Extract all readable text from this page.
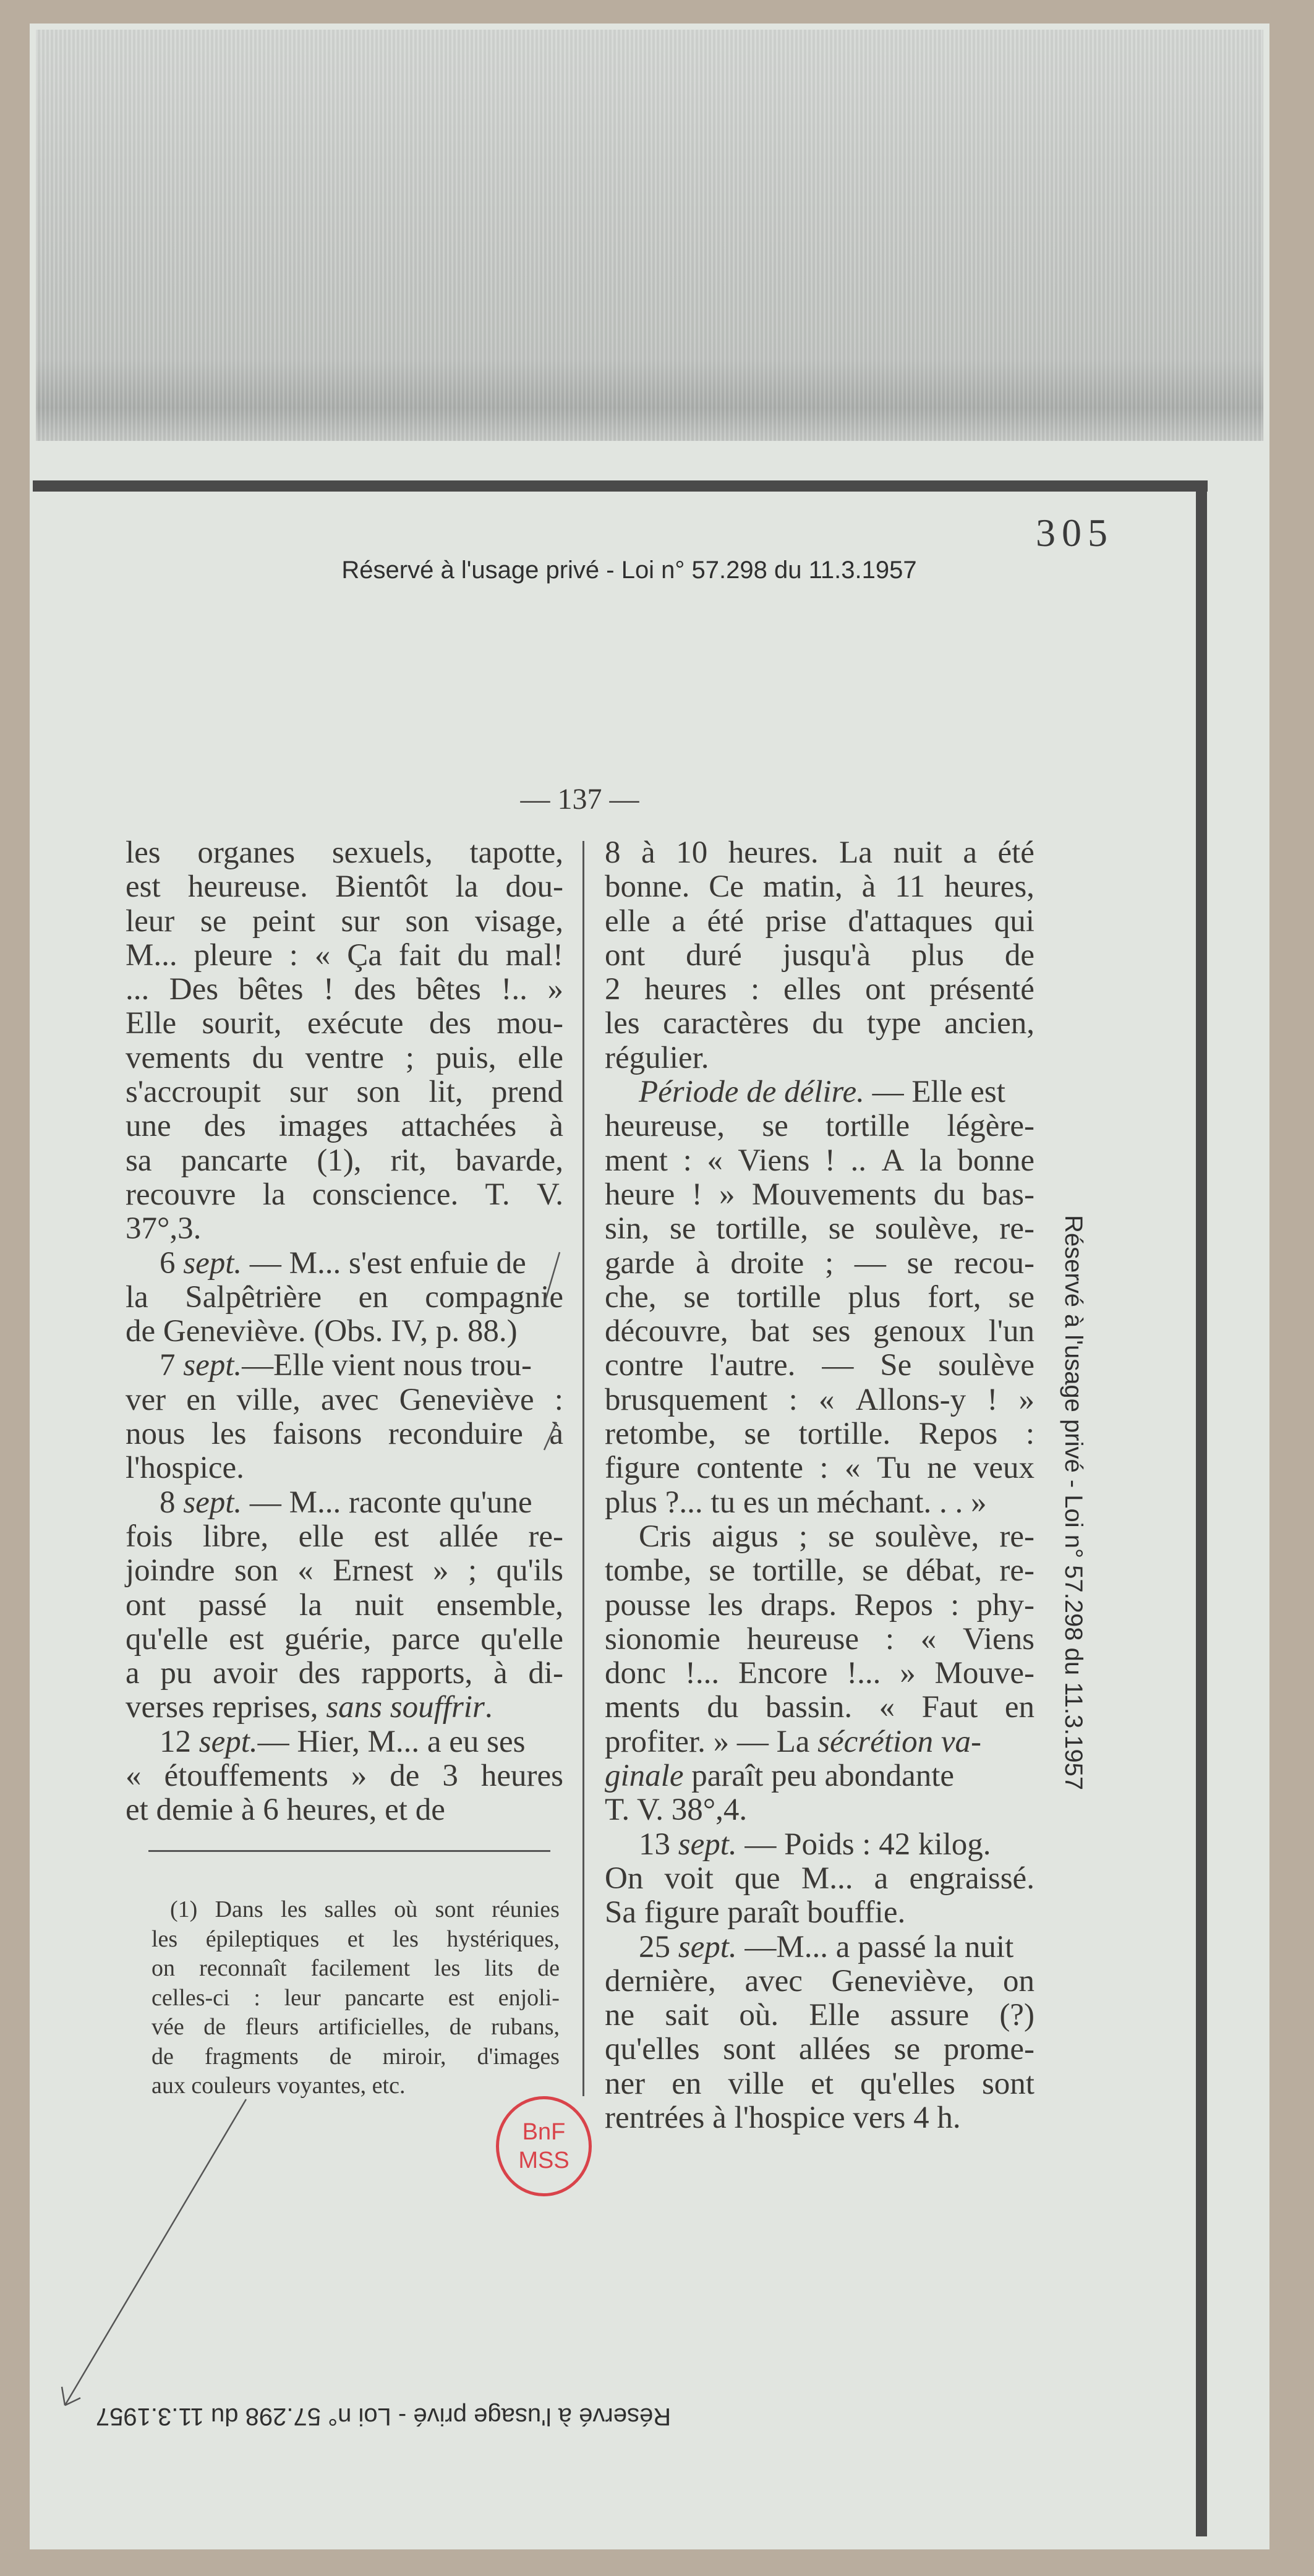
305
Réservé à l'usage privé - Loi n° 57.298 du 11.3.1957
— 137 —
les organes sexuels, tapotte,
est heureuse. Bientôt la dou-
leur se peint sur son visage,
M... pleure : « Ça fait du mal!
... Des bêtes ! des bêtes !.. »
Elle sourit, exécute des mou-
vements du ventre ; puis, elle
s'accroupit sur son lit, prend
une des images attachées à
sa pancarte (1), rit, bavarde,
recouvre la conscience. T. V.
37°,3.
6 sept. — M... s'est enfuie de
la Salpêtrière en compagnie
de Geneviève. (Obs. IV, p. 88.)
7 sept. —Elle vient nous trou-
ver en ville, avec Geneviève :
nous les faisons reconduire à
l'hospice.
8 sept. — M... raconte qu'une
fois libre, elle est allée re-
joindre son « Ernest » ; qu'ils
ont passé la nuit ensemble,
qu'elle est guérie, parce qu'elle
a pu avoir des rapports, à di-
verses reprises, sans souffrir .
12 sept. — Hier, M... a eu ses
« étouffements » de 3 heures
et demie à 6 heures, et de
8 à 10 heures. La nuit a été
bonne. Ce matin, à 11 heures,
elle a été prise d'attaques qui
ont duré jusqu'à plus de
2 heures : elles ont présenté
les caractères du type ancien,
régulier.
Période de délire. — Elle est
heureuse, se tortille légère-
ment : « Viens ! .. A la bonne
heure ! » Mouvements du bas-
sin, se tortille, se soulève, re-
garde à droite ; — se recou-
che, se tortille plus fort, se
découvre, bat ses genoux l'un
contre l'autre. — Se soulève
brusquement : « Allons-y ! »
retombe, se tortille. Repos :
figure contente : « Tu ne veux
plus ?... tu es un méchant. . . »
Cris aigus ; se soulève, re-
tombe, se tortille, se débat, re-
pousse les draps. Repos : phy-
sionomie heureuse : « Viens
donc !... Encore !... » Mouve-
ments du bassin. « Faut en
profiter. » — La sécrétion va-
ginale paraît peu abondante
T. V. 38°,4.
13 sept. — Poids : 42 kilog.
On voit que M... a engraissé.
Sa figure paraît bouffie.
25 sept. —M... a passé la nuit
dernière, avec Geneviève, on
ne sait où. Elle assure (?)
qu'elles sont allées se prome-
ner en ville et qu'elles sont
rentrées à l'hospice vers 4 h.
(1) Dans les salles où sont réunies
les épileptiques et les hystériques,
on reconnaît facilement les lits de
celles-ci : leur pancarte est enjoli-
vée de fleurs artificielles, de rubans,
de fragments de miroir, d'images
aux couleurs voyantes, etc.
BnF
MSS
Réservé à l'usage privé - Loi n° 57.298 du 11.3.1957
Réservé à l'usage privé - Loi n° 57.298 du 11.3.1957
